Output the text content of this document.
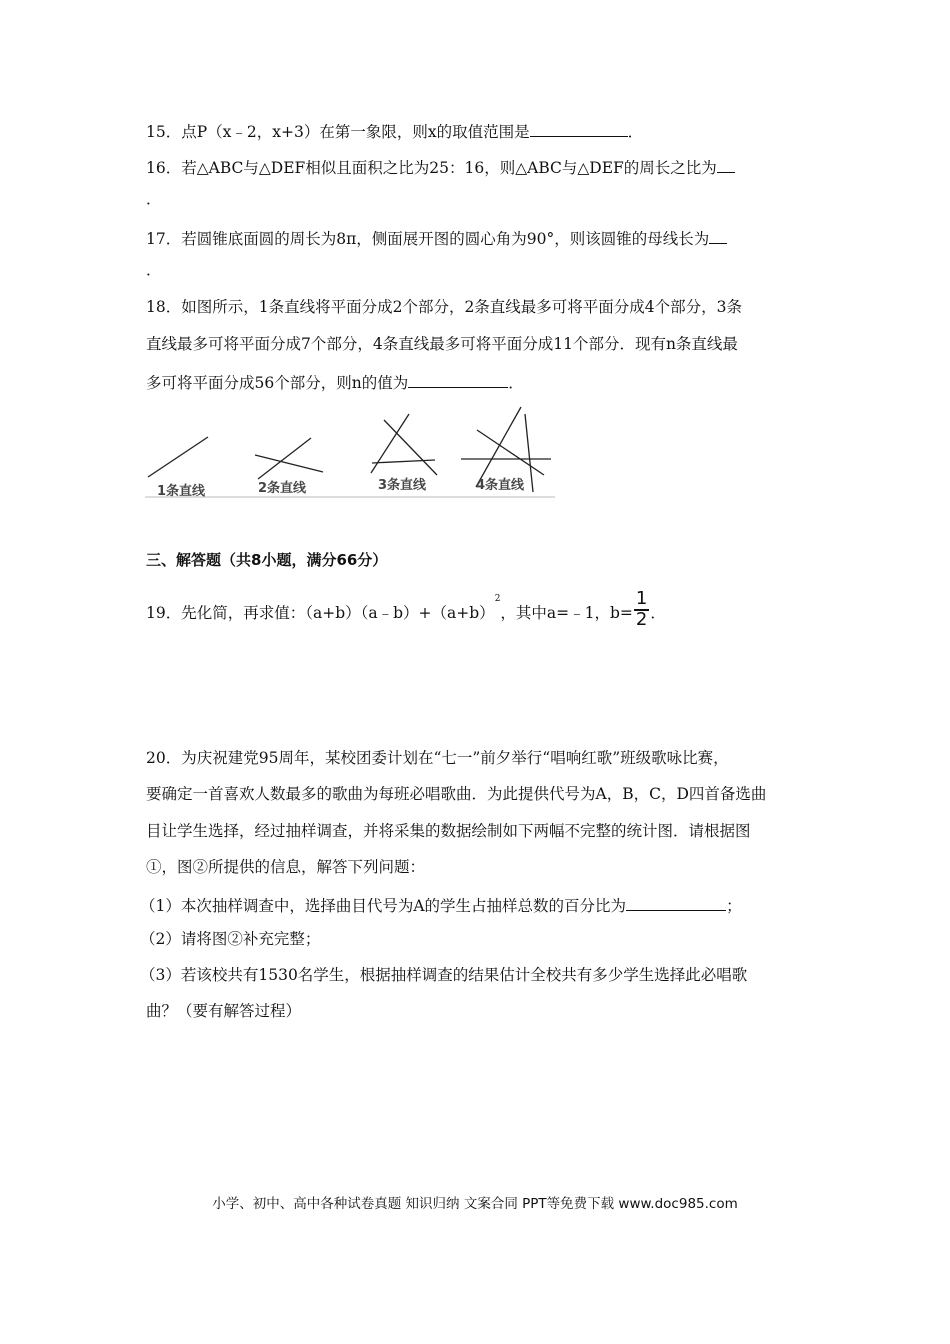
15．点P（x﹣2，x+3）在第一象限，则x的取值范围是	．
16．若△ABC与△DEF相似且面积之比为25：16，则△ABC与△DEF的周长之比为
．
17．若圆锥底面圆的周长为8π，侧面展开图的圆心角为90°，则该圆锥的母线长为
．
18．如图所示，1条直线将平面分成2个部分，2条直线最多可将平面分成4个部分，3条
直线最多可将平面分成7个部分，4条直线最多可将平面分成11个部分．现有n条直线最
多可将平面分成56个部分，则n的值为	．
1条直线	2条直线	3条直线	4条直线
三、解答题（共8小题，满分66分）
19．先化简，再求值：$(a+b)(a﹣b)+(a+b)^2$，其中a=﹣1，$b= \frac{1}{2}$ ．
20．为庆祝建党95周年，某校团委计划在“七一”前夕举行“唱响红歌”班级歌咏比赛，
要确定一首喜欢人数最多的歌曲为每班必唱歌曲．为此提供代号为A，B，C，D四首备选曲
目让学生选择，经过抽样调查，并将采集的数据绘制如下两幅不完整的统计图．请根据图
①，图②所提供的信息，解答下列问题：
（1）本次抽样调查中，选择曲目代号为A的学生占抽样总数的百分比为	；
（2）请将图②补充完整；
（3）若该校共有1530名学生，根据抽样调查的结果估计全校共有多少学生选择此必唱歌
曲？（要有解答过程）
小学、初中、高中各种试卷真题 知识归纳 文案合同 PPT等免费下载 www.doc985.com
